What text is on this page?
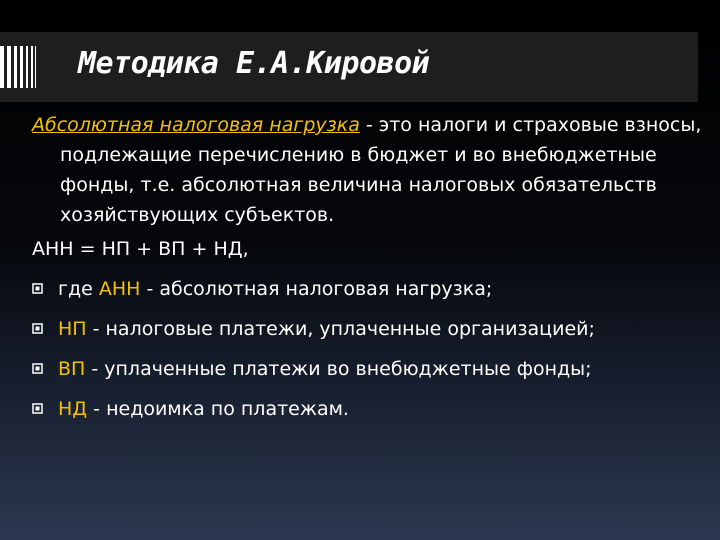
Методика Е.А.Кировой

Абсолютная налоговая нагрузка - это налоги и страховые взносы, подлежащие перечислению в бюджет и во внебюджетные фонды, т.е. абсолютная величина налоговых обязательств хозяйствующих субъектов.

АНН = НП + ВП + НД,

где АНН - абсолютная налоговая нагрузка;
НП - налоговые платежи, уплаченные организацией;
ВП - уплаченные платежи во внебюджетные фонды;
НД - недоимка по платежам.
